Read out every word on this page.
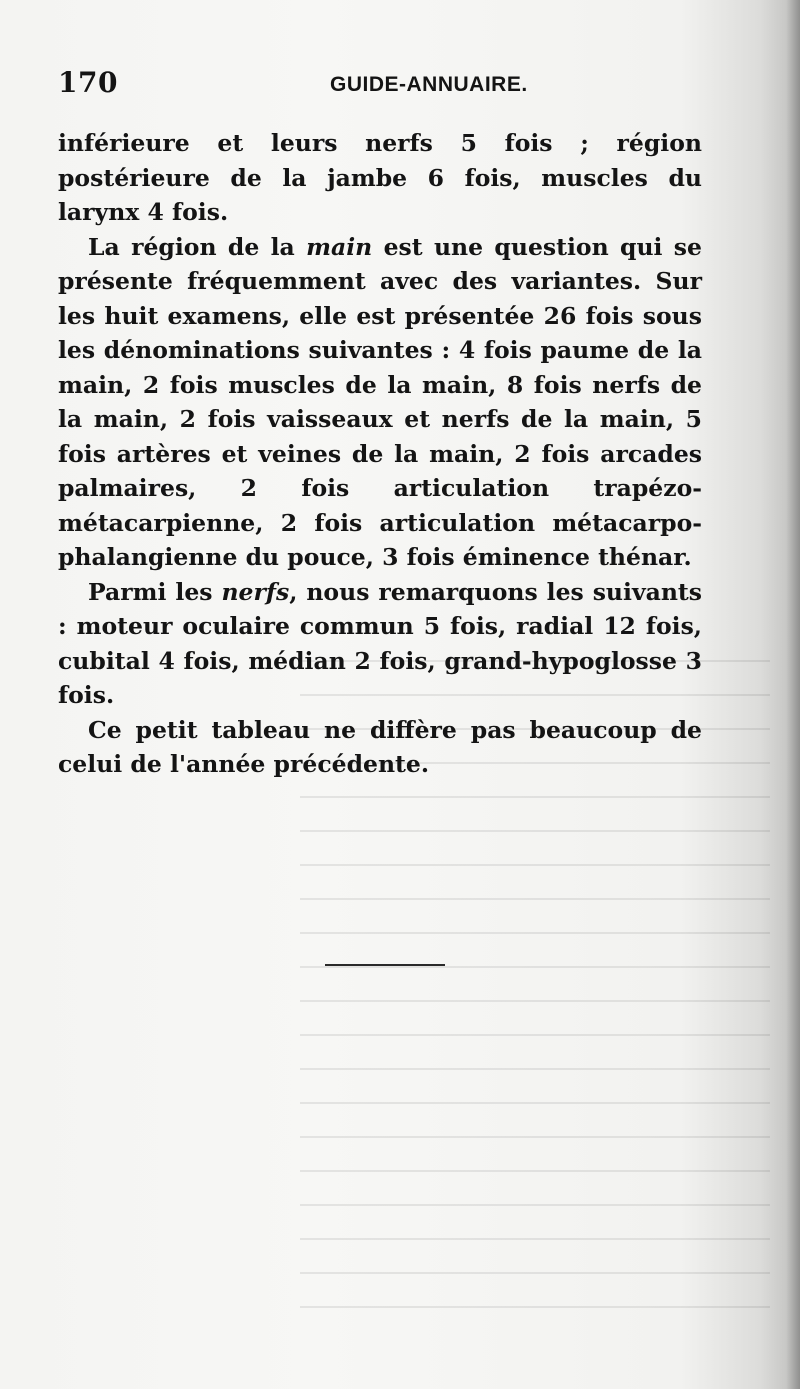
170	GUIDE-ANNUAIRE.

inférieure et leurs nerfs 5 fois ; région postérieure de la jambe 6 fois, muscles du larynx 4 fois.

La région de la main est une question qui se présente fréquemment avec des variantes. Sur les huit examens, elle est présentée 26 fois sous les dénominations suivantes : 4 fois paume de la main, 2 fois muscles de la main, 8 fois nerfs de la main, 2 fois vaisseaux et nerfs de la main, 5 fois artères et veines de la main, 2 fois arcades palmaires, 2 fois articulation trapézo-métacarpienne, 2 fois articulation métacarpo-phalangienne du pouce, 3 fois éminence thénar.

Parmi les nerfs, nous remarquons les suivants : moteur oculaire commun 5 fois, radial 12 fois, cubital 4 fois, médian 2 fois, grand-hypoglosse 3 fois.

Ce petit tableau ne diffère pas beaucoup de celui de l'année précédente.
